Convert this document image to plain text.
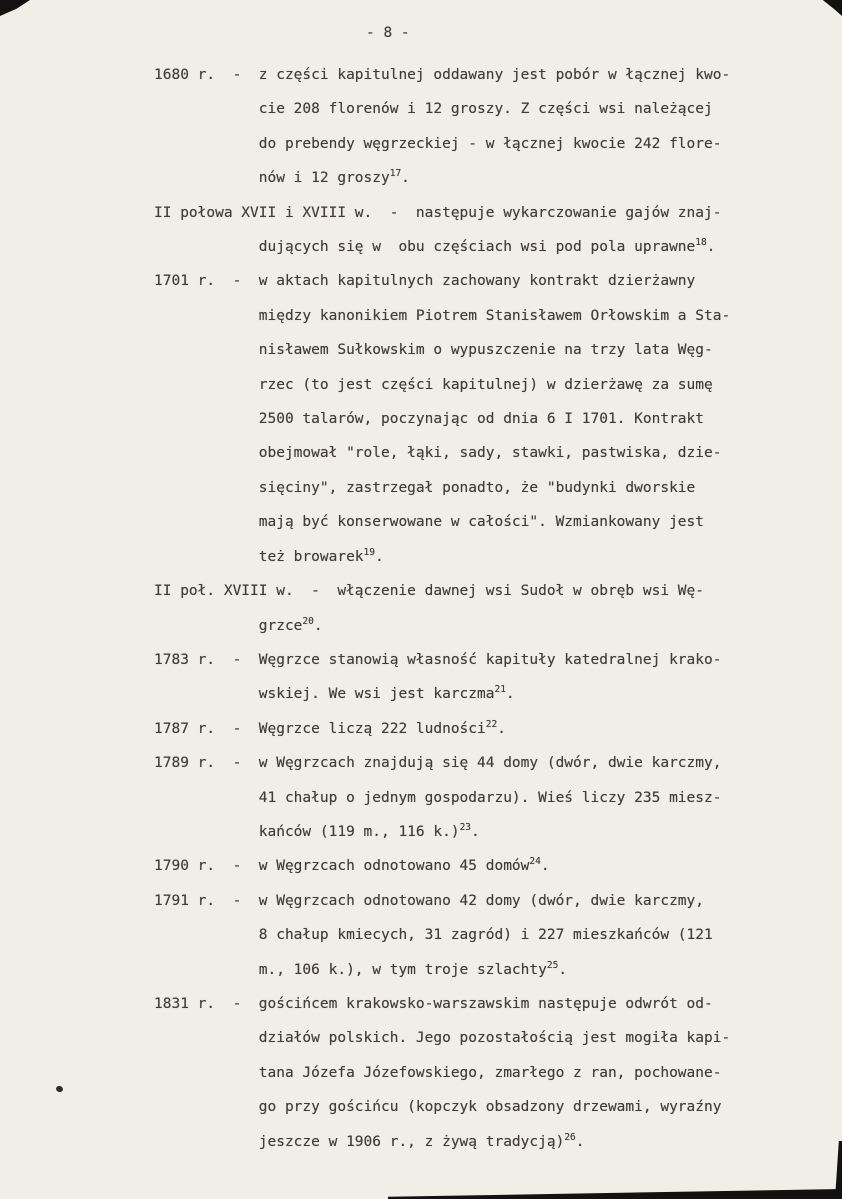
- 8 -
1680 r.  -  z części kapitulnej oddawany jest pobór w łącznej kwo-
cie 208 florenów i 12 groszy. Z części wsi należącej
do prebendy węgrzeckiej - w łącznej kwocie 242 flore-
nów i 12 groszy$^{17}$.
II połowa XVII i XVIII w.  -  następuje wykarczowanie gajów znaj-
dujących się w  obu częściach wsi pod pola uprawne$^{18}$.
1701 r.  -  w aktach kapitulnych zachowany kontrakt dzierżawny
między kanonikiem Piotrem Stanisławem Orłowskim a Sta-
nisławem Sułkowskim o wypuszczenie na trzy lata Węg-
rzec (to jest części kapitulnej) w dzierżawę za sumę
2500 talarów, poczynając od dnia 6 I 1701. Kontrakt
obejmował "role, łąki, sady, stawki, pastwiska, dzie-
sięciny", zastrzegał ponadto, że "budynki dworskie
mają być konserwowane w całości". Wzmiankowany jest
też browarek$^{19}$.
II poł. XVIII w.  -  włączenie dawnej wsi Sudoł w obręb wsi Wę-
grzce$^{20}$.
1783 r.  -  Węgrzce stanowią własność kapituły katedralnej krako-
wskiej. We wsi jest karczma$^{21}$.
1787 r.  -  Węgrzce liczą 222 ludności$^{22}$.
1789 r.  -  w Węgrzcach znajdują się 44 domy (dwór, dwie karczmy,
41 chałup o jednym gospodarzu). Wieś liczy 235 miesz-
kańców (119 m., 116 k.)$^{23}$.
1790 r.  -  w Węgrzcach odnotowano 45 domów$^{24}$.
1791 r.  -  w Węgrzcach odnotowano 42 domy (dwór, dwie karczmy,
8 chałup kmiecych, 31 zagród) i 227 mieszkańców (121
m., 106 k.), w tym troje szlachty$^{25}$.
1831 r.  -  gościńcem krakowsko-warszawskim następuje odwrót od-
działów polskich. Jego pozostałością jest mogiła kapi-
tana Józefa Józefowskiego, zmarłego z ran, pochowane-
go przy gościńcu (kopczyk obsadzony drzewami, wyraźny
jeszcze w 1906 r., z żywą tradycją)$^{26}$.
